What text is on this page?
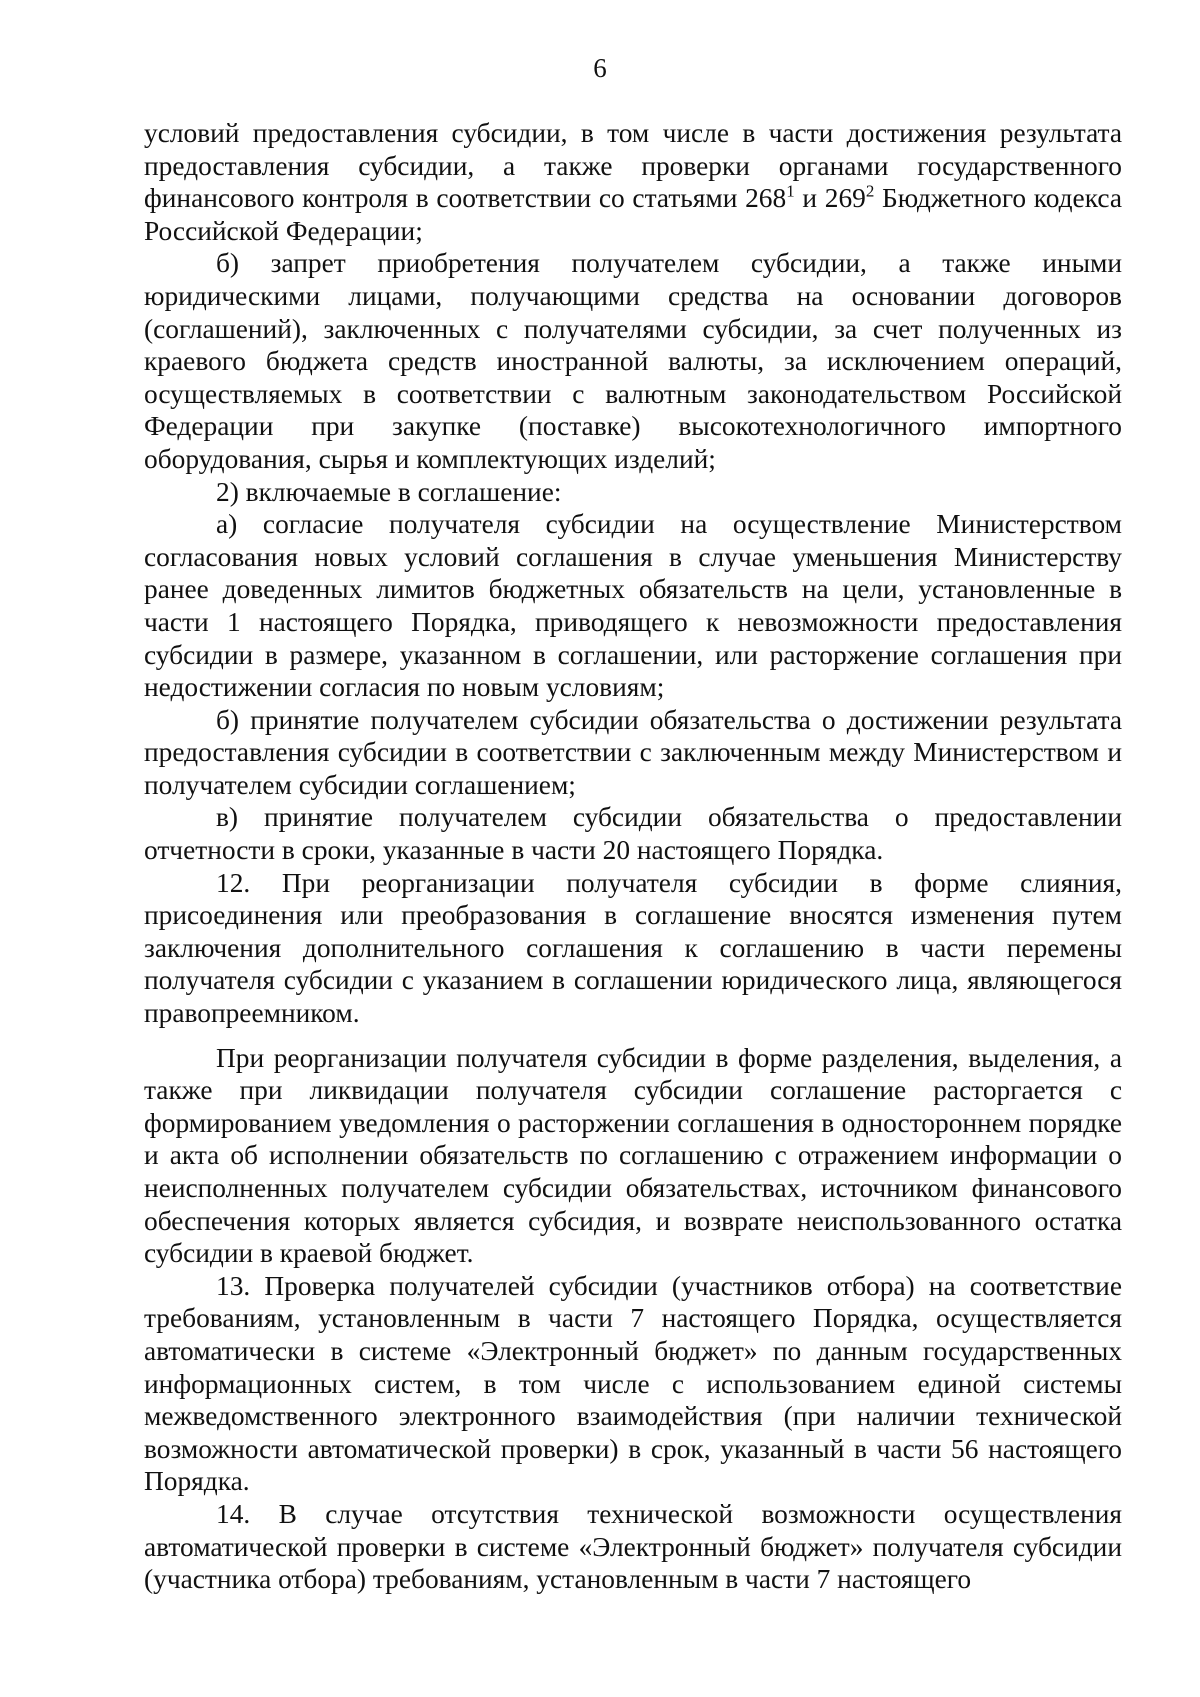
6

условий предоставления субсидии, в том числе в части достижения результата предоставления субсидии, а также проверки органами государственного финансового контроля в соответствии со статьями $268^1$ и $269^2$ Бюджетного кодекса Российской Федерации;

б) запрет приобретения получателем субсидии, а также иными юридическими лицами, получающими средства на основании договоров (соглашений), заключенных с получателями субсидии, за счет полученных из краевого бюджета средств иностранной валюты, за исключением операций, осуществляемых в соответствии с валютным законодательством Российской Федерации при закупке (поставке) высокотехнологичного импортного оборудования, сырья и комплектующих изделий;

2) включаемые в соглашение:

а) согласие получателя субсидии на осуществление Министерством согласования новых условий соглашения в случае уменьшения Министерству ранее доведенных лимитов бюджетных обязательств на цели, установленные в части 1 настоящего Порядка, приводящего к невозможности предоставления субсидии в размере, указанном в соглашении, или расторжение соглашения при недостижении согласия по новым условиям;

б) принятие получателем субсидии обязательства о достижении результата предоставления субсидии в соответствии с заключенным между Министерством и получателем субсидии соглашением;

в) принятие получателем субсидии обязательства о предоставлении отчетности в сроки, указанные в части 20 настоящего Порядка.

12. При реорганизации получателя субсидии в форме слияния, присоединения или преобразования в соглашение вносятся изменения путем заключения дополнительного соглашения к соглашению в части перемены получателя субсидии с указанием в соглашении юридического лица, являющегося правопреемником.

При реорганизации получателя субсидии в форме разделения, выделения, а также при ликвидации получателя субсидии соглашение расторгается с формированием уведомления о расторжении соглашения в одностороннем порядке и акта об исполнении обязательств по соглашению с отражением информации о неисполненных получателем субсидии обязательствах, источником финансового обеспечения которых является субсидия, и возврате неиспользованного остатка субсидии в краевой бюджет.

13. Проверка получателей субсидии (участников отбора) на соответствие требованиям, установленным в части 7 настоящего Порядка, осуществляется автоматически в системе «Электронный бюджет» по данным государственных информационных систем, в том числе с использованием единой системы межведомственного электронного взаимодействия (при наличии технической возможности автоматической проверки) в срок, указанный в части 56 настоящего Порядка.

14. В случае отсутствия технической возможности осуществления автоматической проверки в системе «Электронный бюджет» получателя субсидии (участника отбора) требованиям, установленным в части 7 настоящего
